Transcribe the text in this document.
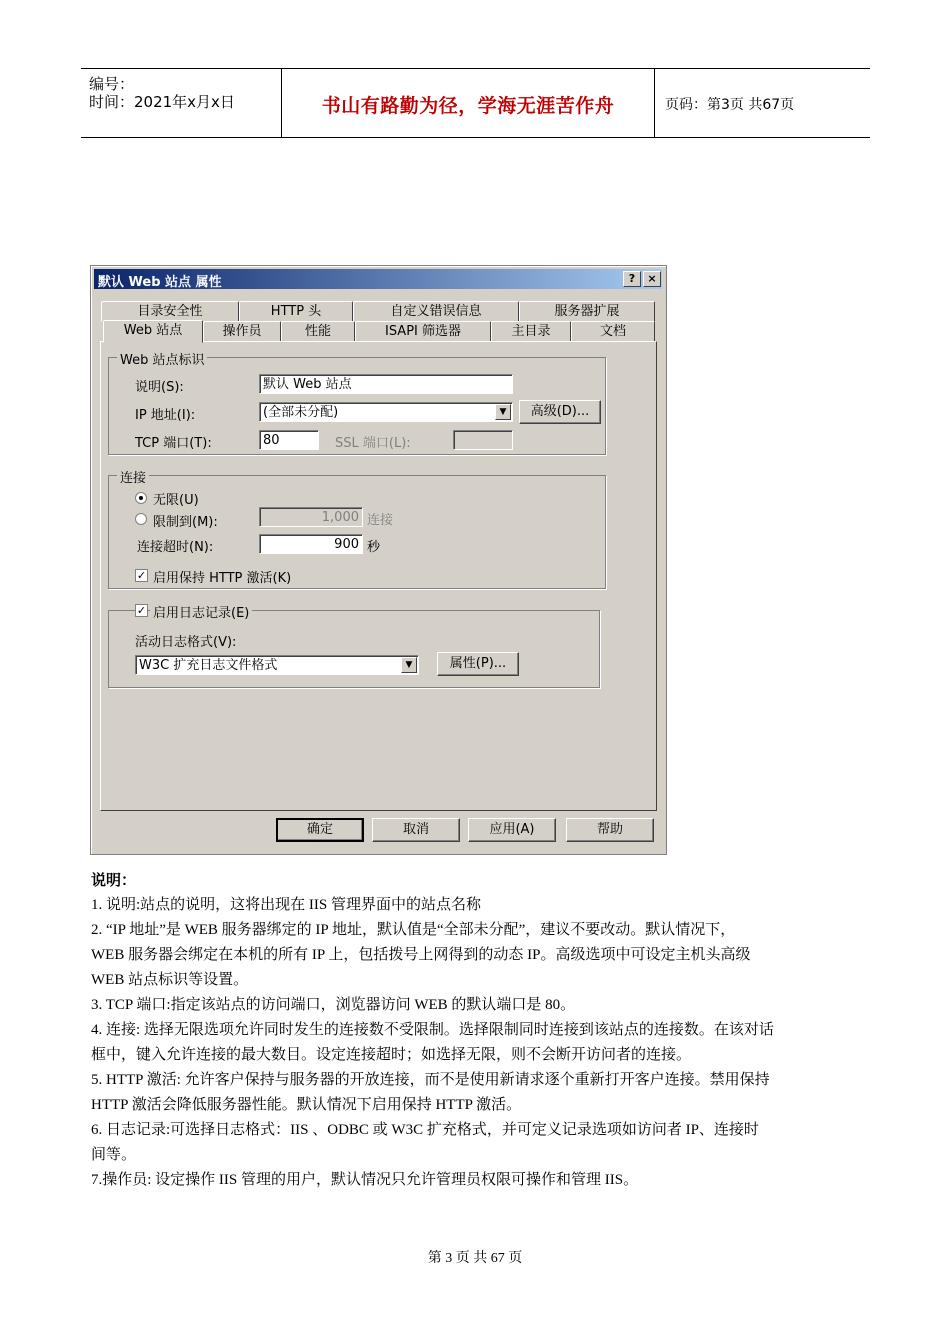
编号：
时间：2021年x月x日	书山有路勤为径，学海无涯苦作舟	页码：第3页 共67页
默认 Web 站点 属性	?	×
目录安全性	HTTP 头	自定义错误信息	服务器扩展
Web 站点	操作员	性能	ISAPI 筛选器	主目录	文档
Web 站点标识
说明(S):	默认 Web 站点
IP 地址(I):	(全部未分配)	▼	高级(D)...
TCP 端口(T):	80	SSL 端口(L):
连接
无限(U)
限制到(M):	1,000 连接
连接超时(N):	900 秒
✓ 启用保持 HTTP 激活(K)
✓ 启用日志记录(E)
活动日志格式(V):
W3C 扩充日志文件格式	▼	属性(P)...
确定	取消	应用(A)	帮助

说明：

1. 说明:站点的说明，这将出现在 IIS 管理界面中的站点名称

2. “IP 地址”是 WEB 服务器绑定的 IP 地址，默认值是“全部未分配”，建议不要改动。默认情况下，

WEB 服务器会绑定在本机的所有 IP 上，包括拨号上网得到的动态 IP。高级选项中可设定主机头高级

WEB 站点标识等设置。

3. TCP 端口:指定该站点的访问端口，浏览器访问 WEB 的默认端口是 80。

4. 连接: 选择无限选项允许同时发生的连接数不受限制。选择限制同时连接到该站点的连接数。在该对话

框中，键入允许连接的最大数目。设定连接超时；如选择无限，则不会断开访问者的连接。

5. HTTP 激活: 允许客户保持与服务器的开放连接，而不是使用新请求逐个重新打开客户连接。禁用保持

HTTP 激活会降低服务器性能。默认情况下启用保持 HTTP 激活。

6. 日志记录:可选择日志格式：IIS 、ODBC 或 W3C 扩充格式，并可定义记录选项如访问者 IP、连接时

间等。

7.操作员: 设定操作 IIS 管理的用户，默认情况只允许管理员权限可操作和管理 IIS。

第 3 页 共 67 页
